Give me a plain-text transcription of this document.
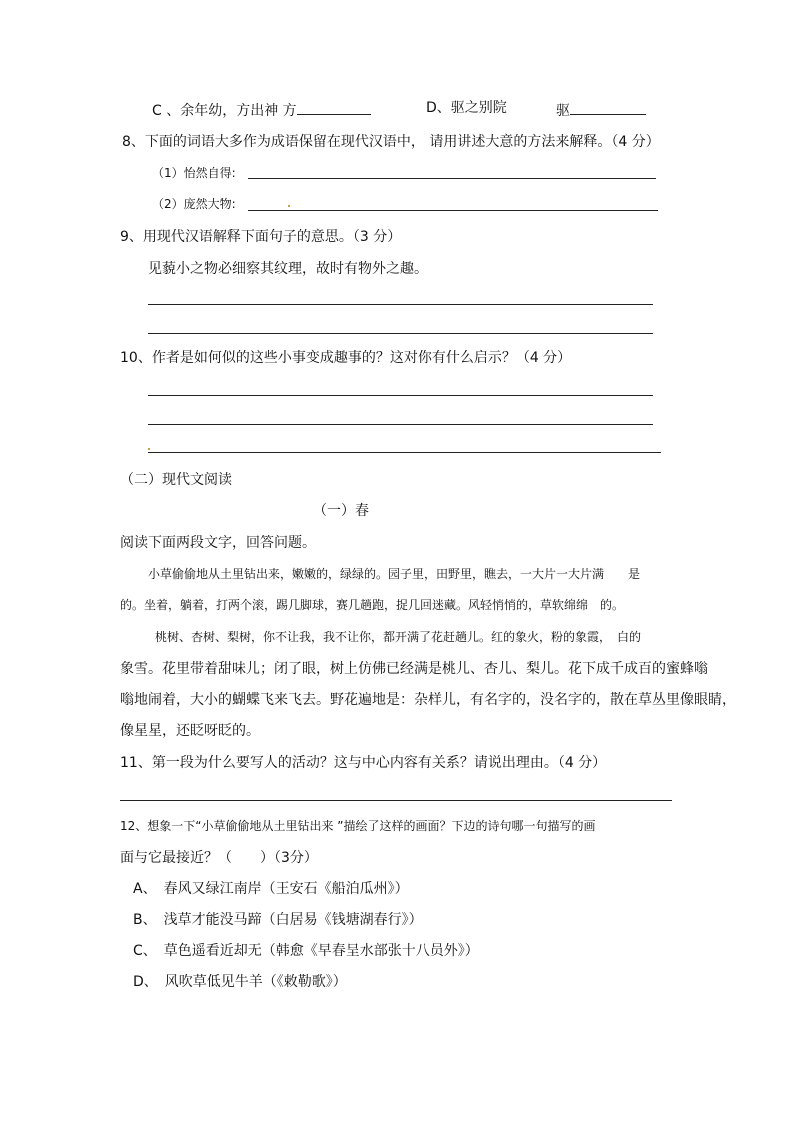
C 、余年幼，方出神 方	D、驱之别院	驱
8、下面的词语大多作为成语保留在现代汉语中， 请用讲述大意的方法来解释。（4 分）
（1）怡然自得:
（2）庞然大物:
9、用现代汉语解释下面句子的意思。（3 分）
见藐小之物必细察其纹理，故时有物外之趣。
10、作者是如何似的这些小事变成趣事的？这对你有什么启示？（4 分）
（二）现代文阅读
（一）春
阅读下面两段文字，回答问题。
小草偷偷地从土里钻出来，嫩嫩的，绿绿的。园子里，田野里，瞧去，一大片一大片满　　是
的。坐着，躺着，打两个滚，踢几脚球，赛几趟跑，捉几回迷藏。风轻悄悄的，草软绵绵　的。
桃树、杏树、梨树，你不让我，我不让你，都开满了花赶趟儿。红的象火，粉的象霞，　白的
象雪。花里带着甜味儿；闭了眼，树上仿佛已经满是桃儿、杏儿、梨儿。花下成千成百的蜜蜂嗡
嗡地闹着，大小的蝴蝶飞来飞去。野花遍地是：杂样儿，有名字的，没名字的，散在草丛里像眼睛，
像星星，还眨呀眨的。
11、第一段为什么要写人的活动？这与中心内容有关系？请说出理由。（4 分）
12、想象一下“小草偷偷地从土里钻出来 ”描绘了这样的画面？下边的诗句哪一句描写的画
面与它最接近？（　　）（3分）
A、　春风又绿江南岸（王安石《船泊瓜州》）
B、　浅草才能没马蹄（白居易《钱塘湖春行》）
C、　草色遥看近却无（韩愈《早春呈水部张十八员外》）
D、　风吹草低见牛羊（《敕勒歌》）
